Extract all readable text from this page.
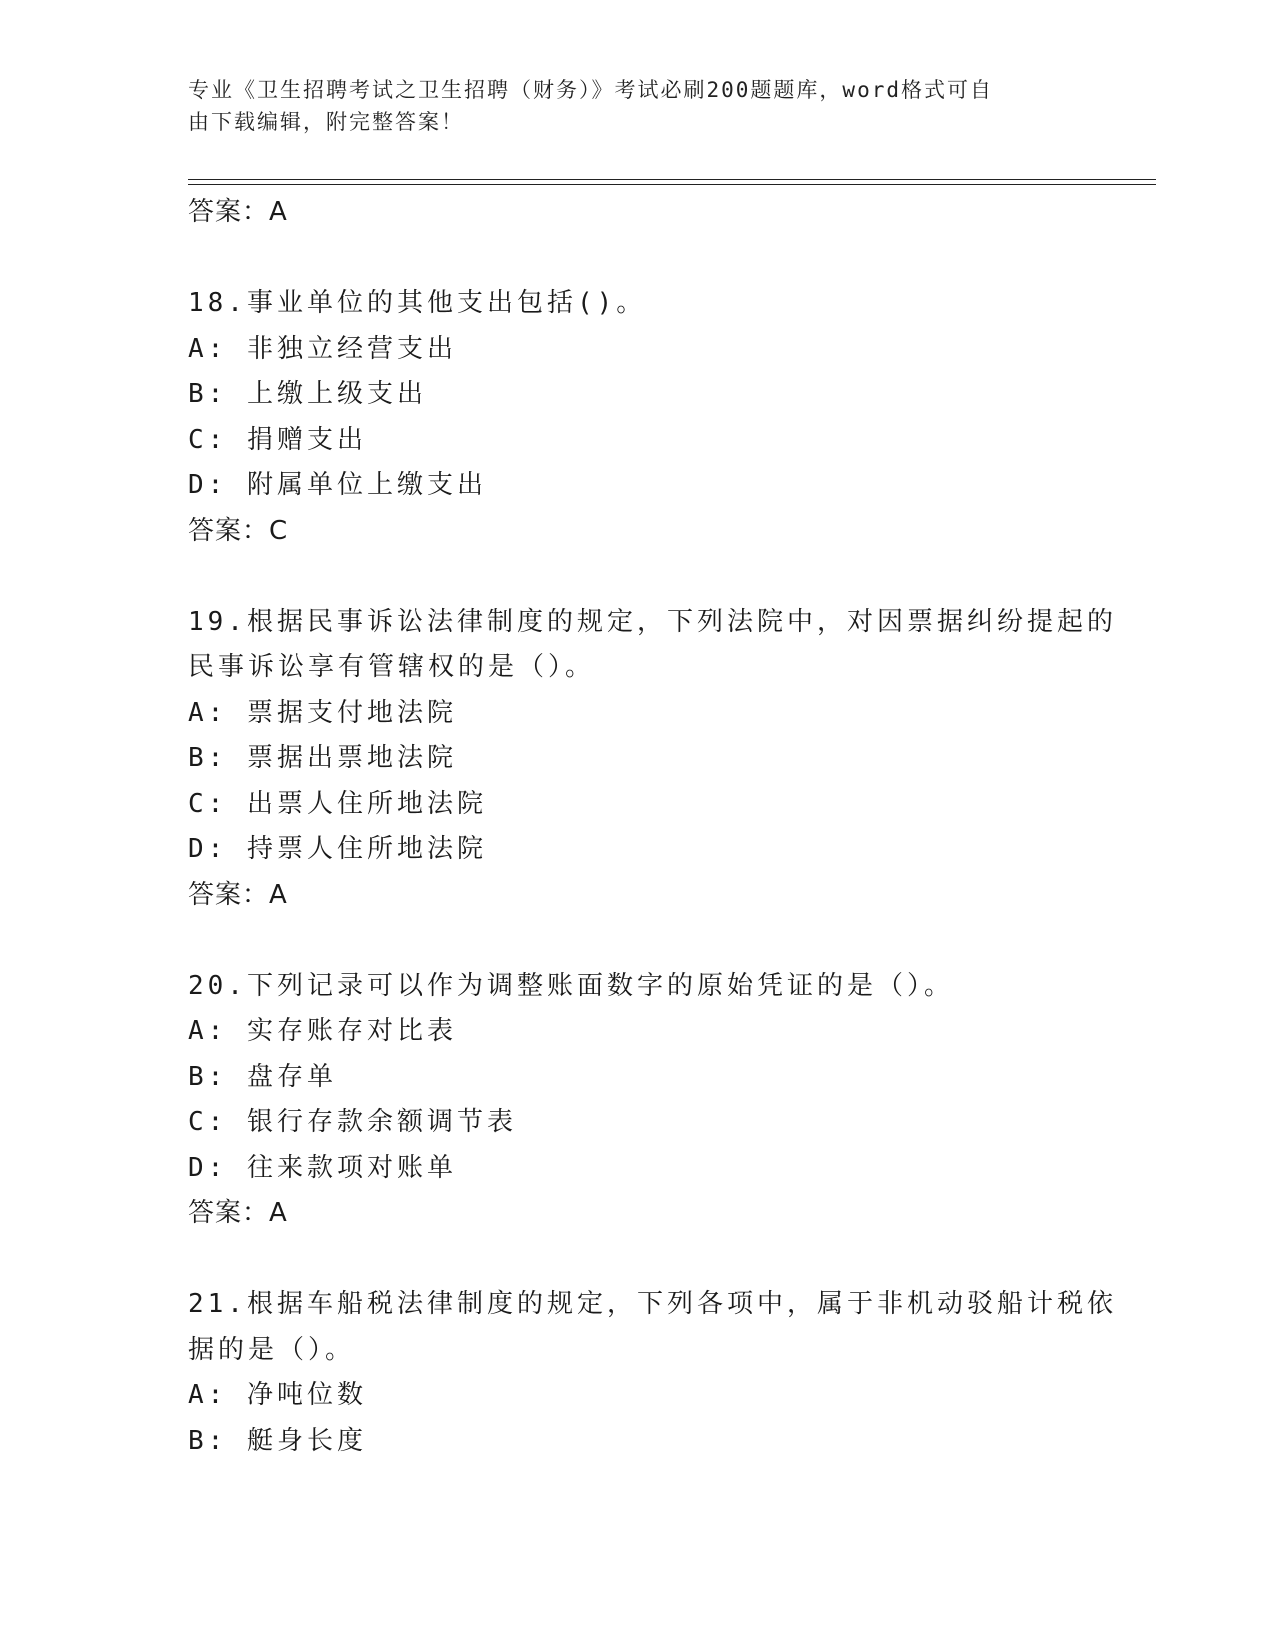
专业《卫生招聘考试之卫生招聘（财务）》考试必刷200题题库，word格式可自
由下载编辑，附完整答案！
答案：A
18.事业单位的其他支出包括()。
A: 非独立经营支出
B: 上缴上级支出
C: 捐赠支出
D: 附属单位上缴支出
答案：C
19.根据民事诉讼法律制度的规定，下列法院中，对因票据纠纷提起的
民事诉讼享有管辖权的是（）。
A: 票据支付地法院
B: 票据出票地法院
C: 出票人住所地法院
D: 持票人住所地法院
答案：A
20.下列记录可以作为调整账面数字的原始凭证的是（）。
A: 实存账存对比表
B: 盘存单
C: 银行存款余额调节表
D: 往来款项对账单
答案：A
21.根据车船税法律制度的规定，下列各项中，属于非机动驳船计税依
据的是（）。
A: 净吨位数
B: 艇身长度
